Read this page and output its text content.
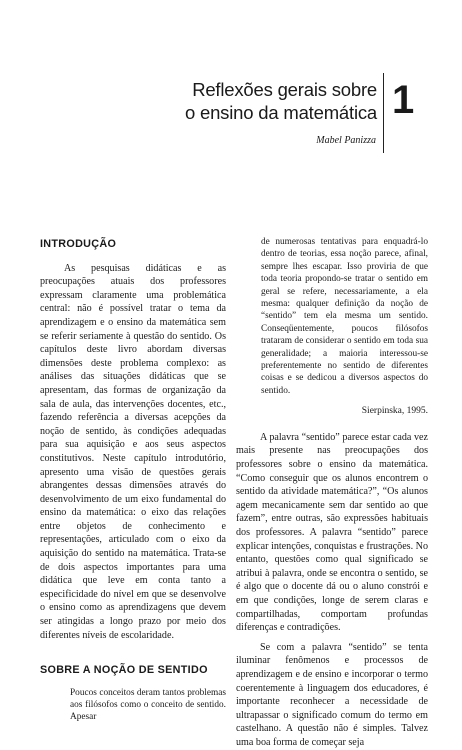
Reflexões gerais sobre
o ensino da matemática 1
Mabel Panizza
INTRODUÇÃO

As pesquisas didáticas e as preocupações atuais dos professores expressam claramente uma problemática central: não é possível tratar o tema da aprendizagem e o ensino da matemática sem se referir seriamente à questão do sentido. Os capítulos deste livro abordam diversas dimensões deste problema complexo: as análises das situações didáticas que se apresentam, das formas de organização da sala de aula, das intervenções docentes, etc., fazendo referência a diversas acepções da noção de sentido, às condições adequadas para sua aquisição e aos seus aspectos constitutivos. Neste capítulo introdutório, apresento uma visão de questões gerais abrangentes dessas dimensões através do desenvolvimento de um eixo fundamental do ensino da matemática: o eixo das relações entre objetos de conhecimento e representações, articulado com o eixo da aquisição do sentido na matemática. Trata-se de dois aspectos importantes para uma didática que leve em conta tanto a especificidade do nível em que se desenvolve o ensino como as aprendizagens que devem ser atingidas a longo prazo por meio dos diferentes níveis de escolaridade.

SOBRE A NOÇÃO DE SENTIDO

Poucos conceitos deram tantos problemas aos filósofos como o conceito de sentido. Apesar

de numerosas tentativas para enquadrá-lo dentro de teorias, essa noção parece, afinal, sempre lhes escapar. Isso proviria de que toda teoria propondo-se tratar o sentido em geral se refere, necessariamente, a ela mesma: qualquer definição da noção de “sentido” tem ela mesma um sentido. Conseqüentemente, poucos filósofos trataram de considerar o sentido em toda sua generalidade; a maioria interessou-se preferentemente no sentido de diferentes coisas e se dedicou a diversos aspectos do sentido.

Sierpinska, 1995.

A palavra “sentido” parece estar cada vez mais presente nas preocupações dos professores sobre o ensino da matemática. “Como conseguir que os alunos encontrem o sentido da atividade matemática?”, “Os alunos agem mecanicamente sem dar sentido ao que fazem”, entre outras, são expressões habituais dos professores. A palavra “sentido” parece explicar intenções, conquistas e frustrações. No entanto, questões como qual significado se atribui à palavra, onde se encontra o sentido, se é algo que o docente dá ou o aluno constrói e em que condições, longe de serem claras e compartilhadas, comportam profundas diferenças e contradições.

Se com a palavra “sentido” se tenta iluminar fenômenos e processos de aprendizagem e de ensino e incorporar o termo coerentemente à linguagem dos educadores, é importante reconhecer a necessidade de ultrapassar o significado comum do termo em castelhano. A questão não é simples. Talvez uma boa forma de começar seja
